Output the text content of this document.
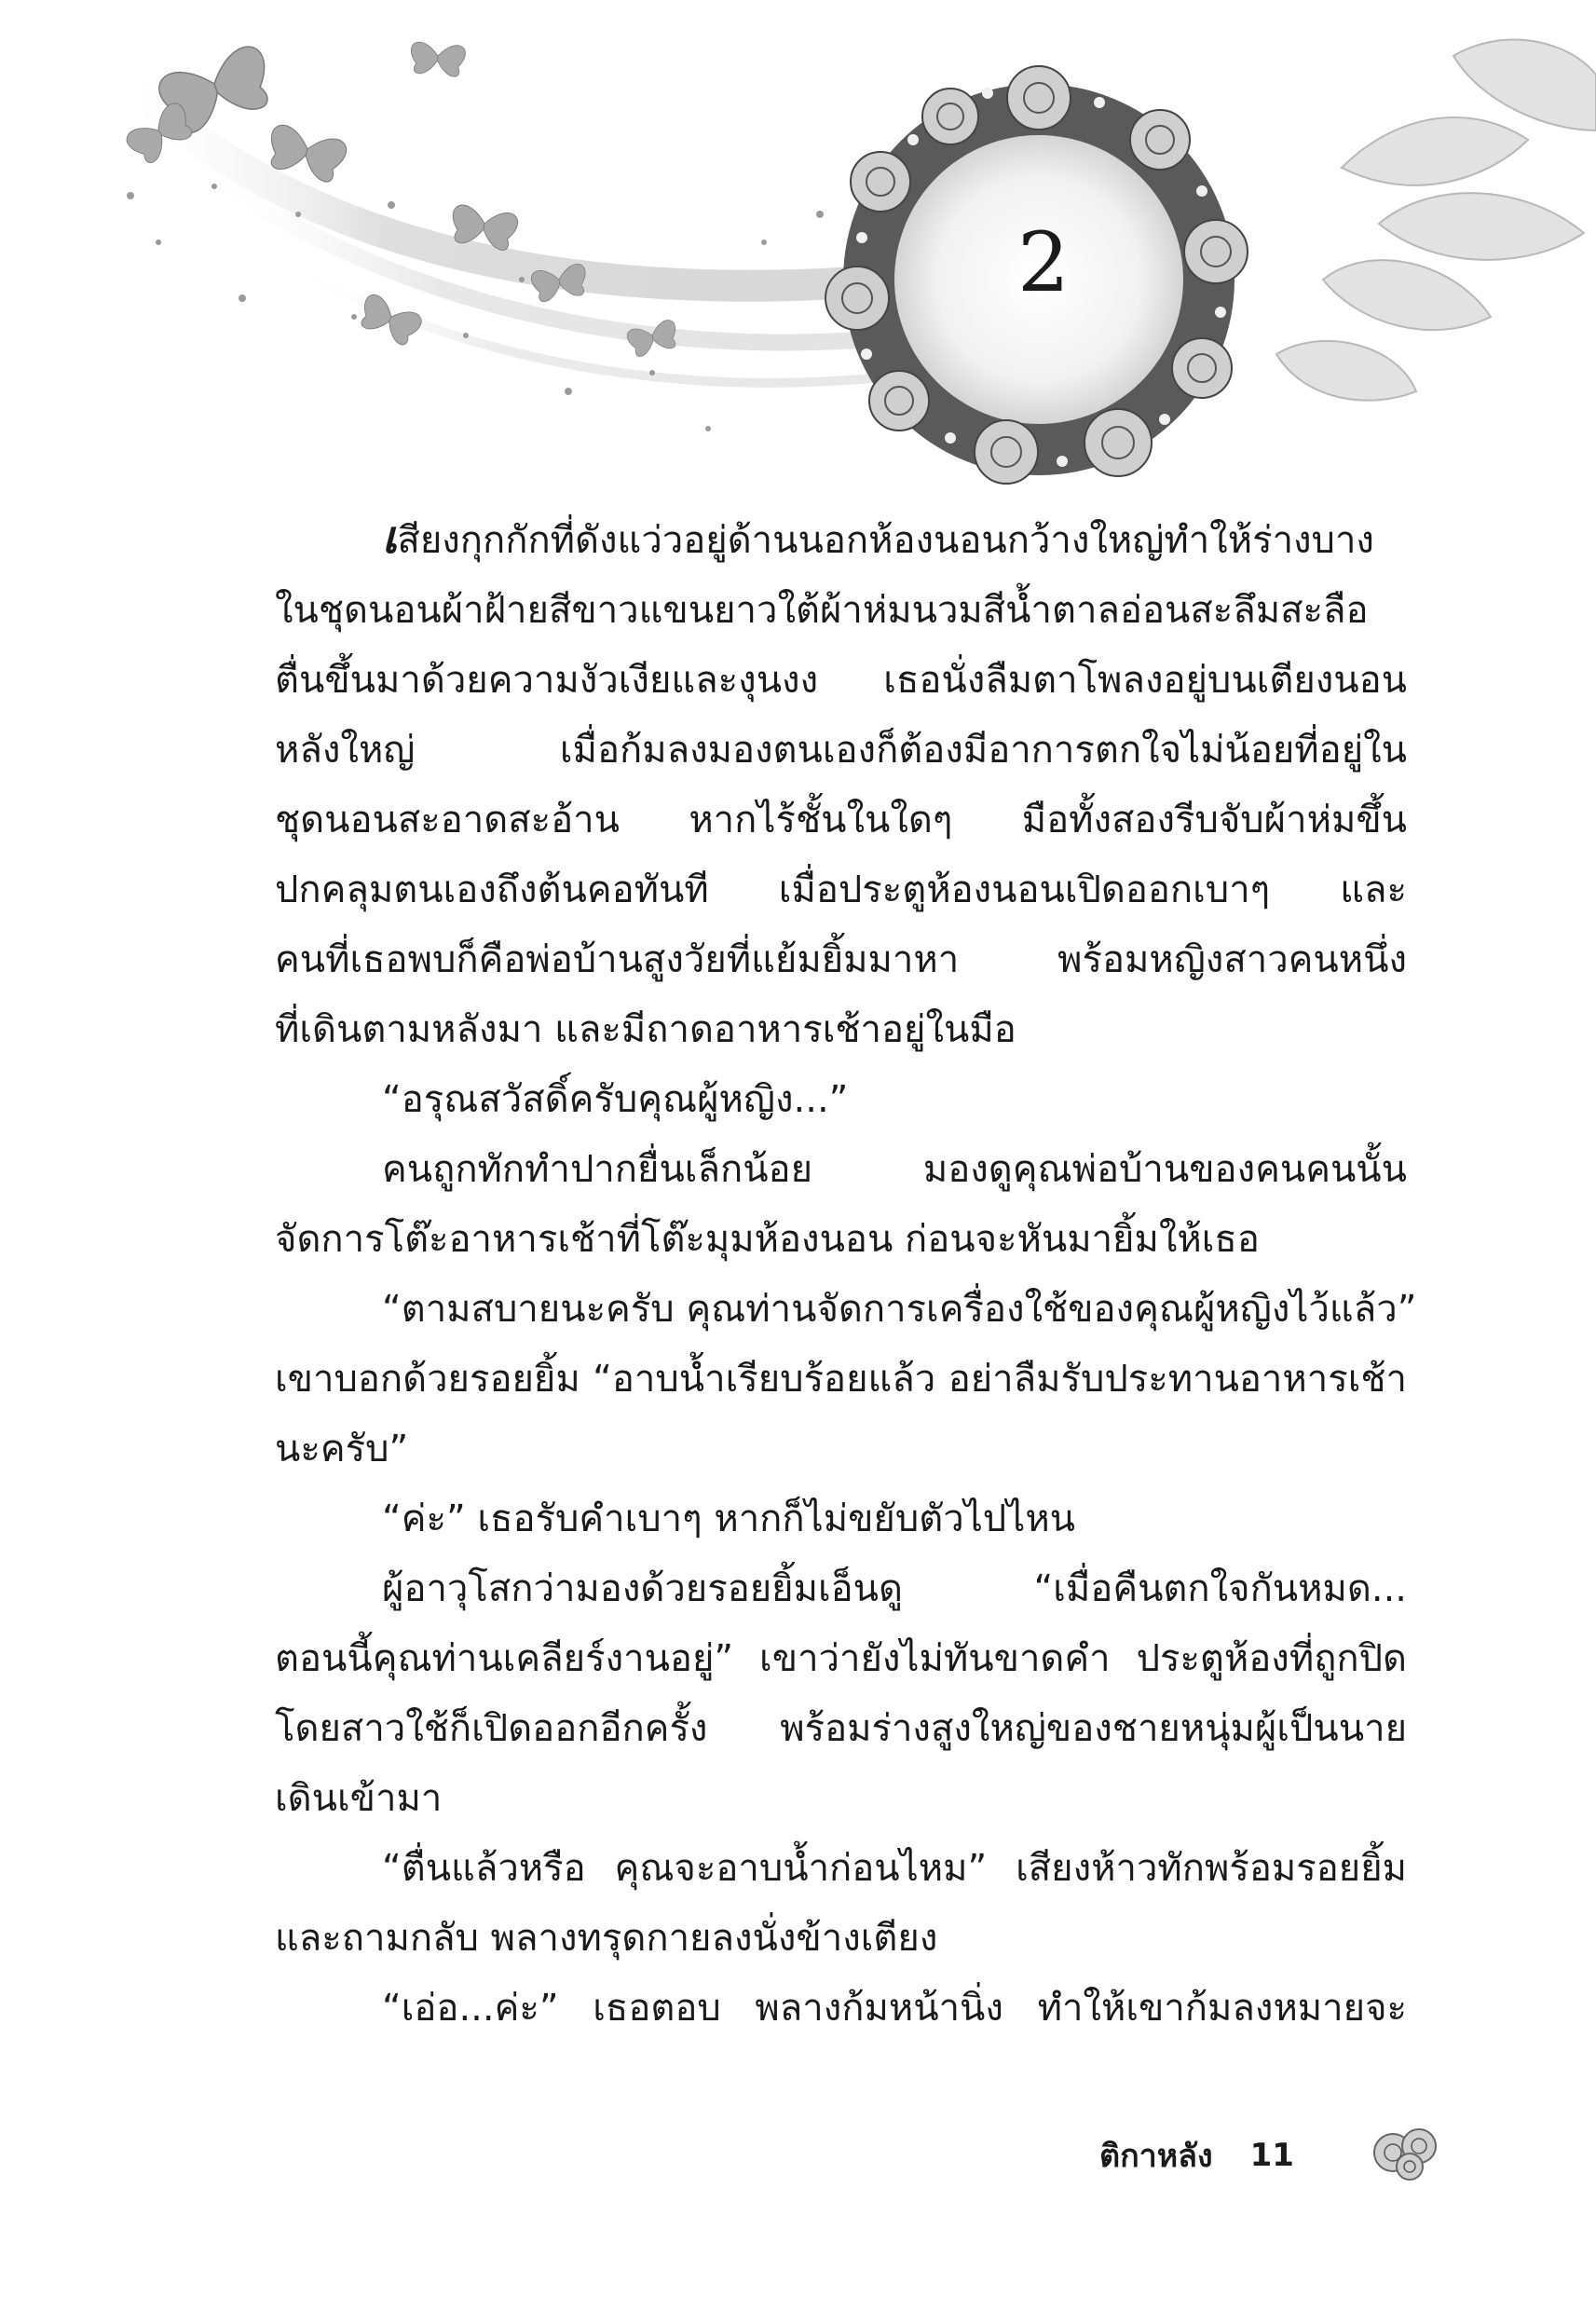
2
เสียงกุกกักที่ดังแว่วอยู่ด้านนอกห้องนอนกว้างใหญ่ทำให้ร่างบาง
ในชุดนอนผ้าฝ้ายสีขาวแขนยาวใต้ผ้าห่มนวมสีน้ำตาลอ่อนสะลึมสะลือ
ตื่นขึ้นมาด้วยความงัวเงียและงุนงง เธอนั่งลืมตาโพลงอยู่บนเตียงนอน
หลังใหญ่ เมื่อก้มลงมองตนเองก็ต้องมีอาการตกใจไม่น้อยที่อยู่ใน
ชุดนอนสะอาดสะอ้าน หากไร้ชั้นในใดๆ มือทั้งสองรีบจับผ้าห่มขึ้น
ปกคลุมตนเองถึงต้นคอทันที เมื่อประตูห้องนอนเปิดออกเบาๆ และ
คนที่เธอพบก็คือพ่อบ้านสูงวัยที่แย้มยิ้มมาหา พร้อมหญิงสาวคนหนึ่ง
ที่เดินตามหลังมา และมีถาดอาหารเช้าอยู่ในมือ
“อรุณสวัสดิ์ครับคุณผู้หญิง...”
คนถูกทักทำปากยื่นเล็กน้อย มองดูคุณพ่อบ้านของคนคนนั้น
จัดการโต๊ะอาหารเช้าที่โต๊ะมุมห้องนอน ก่อนจะหันมายิ้มให้เธอ
“ตามสบายนะครับ คุณท่านจัดการเครื่องใช้ของคุณผู้หญิงไว้แล้ว”
เขาบอกด้วยรอยยิ้ม “อาบน้ำเรียบร้อยแล้ว อย่าลืมรับประทานอาหารเช้า
นะครับ”
“ค่ะ” เธอรับคำเบาๆ หากก็ไม่ขยับตัวไปไหน
ผู้อาวุโสกว่ามองด้วยรอยยิ้มเอ็นดู “เมื่อคืนตกใจกันหมด...
ตอนนี้คุณท่านเคลียร์งานอยู่” เขาว่ายังไม่ทันขาดคำ ประตูห้องที่ถูกปิด
โดยสาวใช้ก็เปิดออกอีกครั้ง พร้อมร่างสูงใหญ่ของชายหนุ่มผู้เป็นนาย
เดินเข้ามา
“ตื่นแล้วหรือ คุณจะอาบน้ำก่อนไหม” เสียงห้าวทักพร้อมรอยยิ้ม
และถามกลับ พลางทรุดกายลงนั่งข้างเตียง
“เอ่อ...ค่ะ” เธอตอบ พลางก้มหน้านิ่ง ทำให้เขาก้มลงหมายจะ
ติกาหลัง 11
